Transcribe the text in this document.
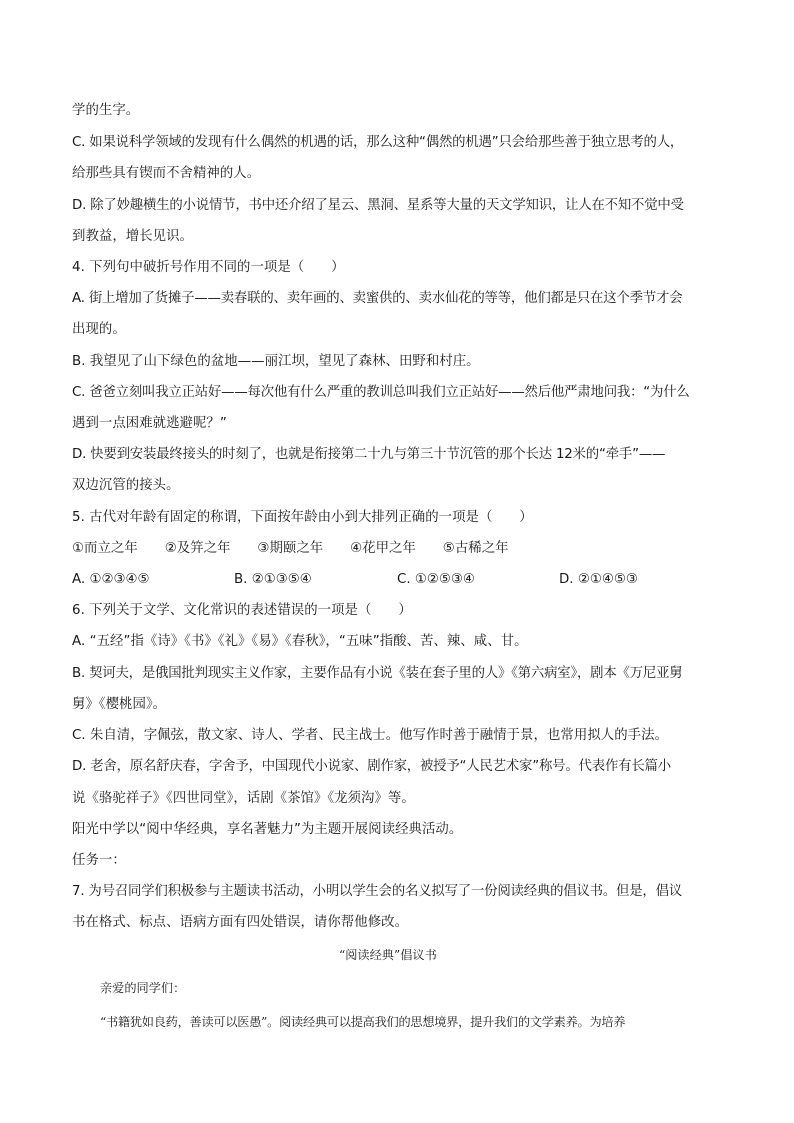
学的生字。
C. 如果说科学领域的发现有什么偶然的机遇的话，那么这种“偶然的机遇”只会给那些善于独立思考的人，
给那些具有锲而不舍精神的人。
D. 除了妙趣横生的小说情节，书中还介绍了星云、黑洞、星系等大量的天文学知识，让人在不知不觉中受
到教益，增长见识。
4. 下列句中破折号作用不同的一项是（　　）
A. 街上增加了货摊子——卖春联的、卖年画的、卖蜜供的、卖水仙花的等等，他们都是只在这个季节才会
出现的。
B. 我望见了山下绿色的盆地——丽江坝，望见了森林、田野和村庄。
C. 爸爸立刻叫我立正站好——每次他有什么严重的教训总叫我们立正站好——然后他严肃地问我：“为什么
遇到一点困难就逃避呢？”
D. 快要到安装最终接头的时刻了，也就是衔接第二十九与第三十节沉管的那个长达 12米的“牵手”——
双边沉管的接头。
5. 古代对年龄有固定的称谓，下面按年龄由小到大排列正确的一项是（　　）
①而立之年　　②及笄之年　　③期颐之年　　④花甲之年　　⑤古稀之年
A. ①②③④⑤	B. ②①③⑤④	C. ①②⑤③④	D. ②①④⑤③
6. 下列关于文学、文化常识的表述错误的一项是（　　）
A. “五经”指《诗》《书》《礼》《易》《春秋》，“五味”指酸、苦、辣、咸、甘。
B. 契诃夫，是俄国批判现实主义作家，主要作品有小说《装在套子里的人》《第六病室》，剧本《万尼亚舅
舅》《樱桃园》。
C. 朱自清，字佩弦，散文家、诗人、学者、民主战士。他写作时善于融情于景，也常用拟人的手法。
D. 老舍，原名舒庆春，字舍予，中国现代小说家、剧作家，被授予“人民艺术家”称号。代表作有长篇小
说《骆驼祥子》《四世同堂》，话剧《茶馆》《龙须沟》等。
阳光中学以“阅中华经典，享名著魅力”为主题开展阅读经典活动。
任务一：
7. 为号召同学们积极参与主题读书活动，小明以学生会的名义拟写了一份阅读经典的倡议书。但是，倡议
书在格式、标点、语病方面有四处错误，请你帮他修改。
“阅读经典”倡议书
亲爱的同学们：
“书籍犹如良药，善读可以医愚”。阅读经典可以提高我们的思想境界，提升我们的文学素养。为培养
